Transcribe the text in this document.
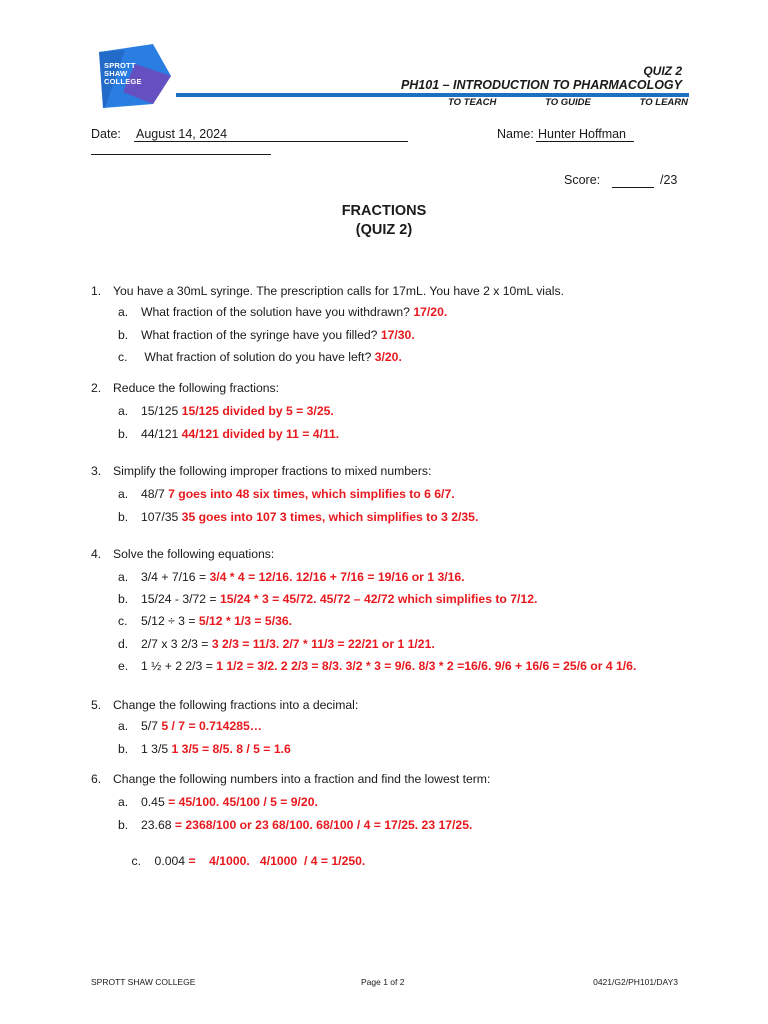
SPROTT
SHAW
COLLEGE
QUIZ 2
PH101 – INTRODUCTION TO PHARMACOLOGY
TO TEACH	TO GUIDE	TO LEARN
Date: August 14, 2024	Name: Hunter Hoffman
Score:	/23
FRACTIONS
(QUIZ 2)
1. You have a 30mL syringe. The prescription calls for 17mL. You have 2 x 10mL vials.
a. What fraction of the solution have you withdrawn? 17/20.
b. What fraction of the syringe have you filled? 17/30.
c. What fraction of solution do you have left? 3/20.
2. Reduce the following fractions:
a. 15/125 15/125 divided by 5 = 3/25.
b. 44/121 44/121 divided by 11 = 4/11.
3. Simplify the following improper fractions to mixed numbers:
a. 48/7 7 goes into 48 six times, which simplifies to 6 6/7.
b. 107/35 35 goes into 107 3 times, which simplifies to 3 2/35.
4. Solve the following equations:
a. 3/4 + 7/16 = 3/4 * 4 = 12/16. 12/16 + 7/16 = 19/16 or 1 3/16.
b. 15/24 - 3/72 = 15/24 * 3 = 45/72. 45/72 – 42/72 which simplifies to 7/12.
c. 5/12 ÷ 3 = 5/12 * 1/3 = 5/36.
d. 2/7 x 3 2/3 = 3 2/3 = 11/3. 2/7 * 11/3 = 22/21 or 1 1/21.
e. 1 ½ + 2 2/3 = 1 1/2 = 3/2. 2 2/3 = 8/3. 3/2 * 3 = 9/6. 8/3 * 2 =16/6. 9/6 + 16/6 = 25/6 or 4 1/6.
5. Change the following fractions into a decimal:
a. 5/7 5 / 7 = 0.714285…
b. 1 3/5 1 3/5 = 8/5. 8 / 5 = 1.6
6. Change the following numbers into a fraction and find the lowest term:
a. 0.45 = 45/100. 45/100 / 5 = 9/20.
b. 23.68 = 2368/100 or 23 68/100. 68/100 / 4 = 17/25. 23 17/25.

c. 0.004 =    4/1000.   4/1000  / 4 = 1/250.

SPROTT SHAW COLLEGE	Page 1 of 2	0421/G2/PH101/DAY3
